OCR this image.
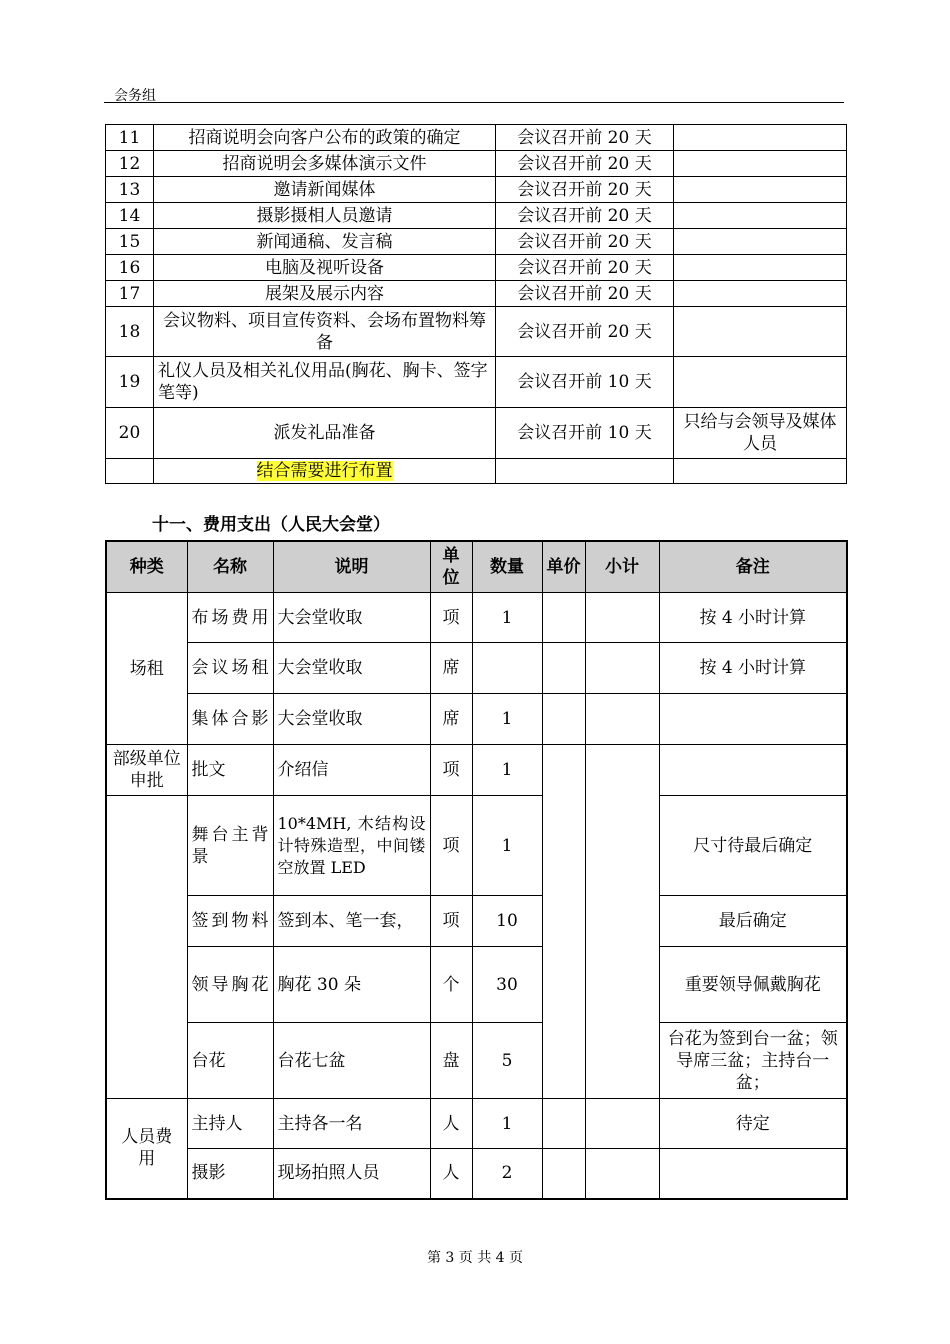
会务组
11	招商说明会向客户公布的政策的确定	会议召开前 20 天	
12	招商说明会多媒体演示文件	会议召开前 20 天	
13	邀请新闻媒体	会议召开前 20 天	
14	摄影摄相人员邀请	会议召开前 20 天	
15	新闻通稿、发言稿	会议召开前 20 天	
16	电脑及视听设备	会议召开前 20 天	
17	展架及展示内容	会议召开前 20 天	
18	会议物料、项目宣传资料、会场布置物料筹备	会议召开前 20 天	
19	礼仪人员及相关礼仪用品(胸花、胸卡、签字笔等)	会议召开前 10 天	
20	派发礼品准备	会议召开前 10 天	只给与会领导及媒体人员
	结合需要进行布置		
十一、费用支出（人民大会堂）
种类	名称	说明	单位	数量	单价	小计	备注
场租	布场费用	大会堂收取	项	1			按 4 小时计算
	会议场租	大会堂收取	席				按 4 小时计算
	集体合影	大会堂收取	席	1			
部级单位申批	批文	介绍信	项	1			
	舞台主背景	10*4MH, 木结构设计特殊造型，中间镂空放置 LED	项	1			尺寸待最后确定
	签到物料	签到本、笔一套，	项	10			最后确定
	领导胸花	胸花 30 朵	个	30			重要领导佩戴胸花
	台花	台花七盆	盘	5			台花为签到台一盆；领导席三盆；主持台一盆；
人员费用	主持人	主持各一名	人	1			待定
	摄影	现场拍照人员	人	2			
第 3 页 共 4 页
